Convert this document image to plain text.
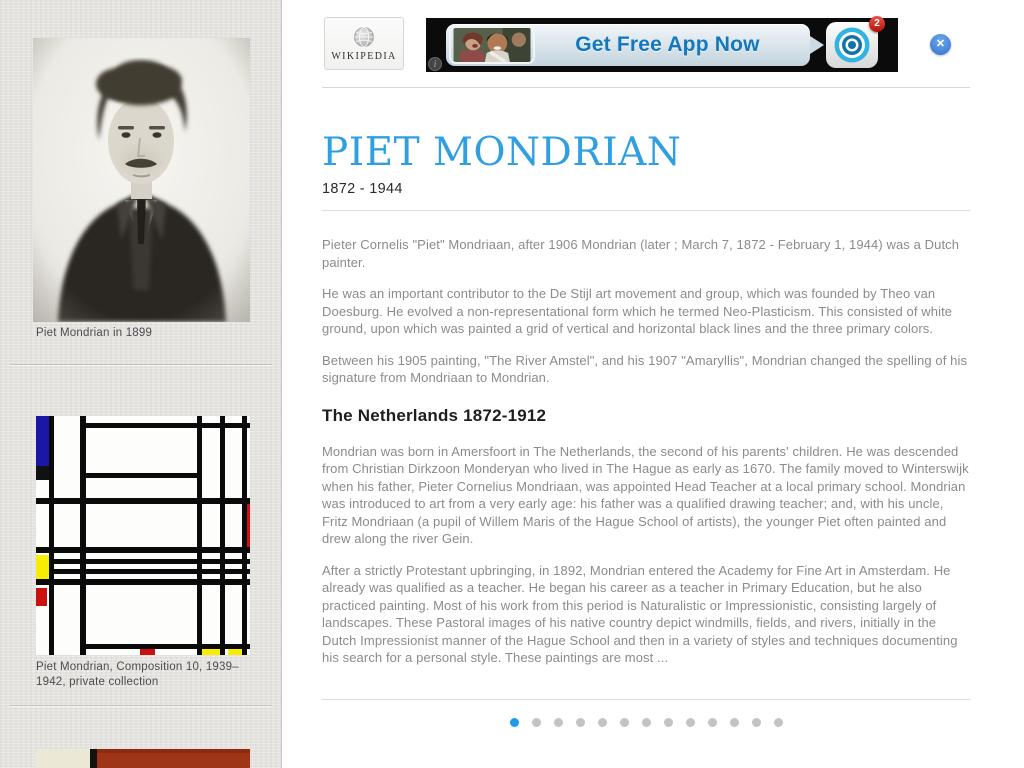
Piet Mondrian in 1899
Piet Mondrian, Composition 10, 1939–1942, private collection
WIKIPEDIA	Get Free App Now
2
i
✕
PIET MONDRIAN
1872 - 1944

Pieter Cornelis "Piet" Mondriaan, after 1906 Mondrian (later ; March 7, 1872 - February 1, 1944) was a Dutch painter.

He was an important contributor to the De Stijl art movement and group, which was founded by Theo van Doesburg. He evolved a non-representational form which he termed Neo-Plasticism. This consisted of white ground, upon which was painted a grid of vertical and horizontal black lines and the three primary colors.

Between his 1905 painting, "The River Amstel", and his 1907 "Amaryllis", Mondrian changed the spelling of his signature from Mondriaan to Mondrian.

The Netherlands 1872-1912

Mondrian was born in Amersfoort in The Netherlands, the second of his parents' children. He was descended from Christian Dirkzoon Monderyan who lived in The Hague as early as 1670. The family moved to Winterswijk when his father, Pieter Cornelius Mondriaan, was appointed Head Teacher at a local primary school. Mondrian was introduced to art from a very early age: his father was a qualified drawing teacher; and, with his uncle, Fritz Mondriaan (a pupil of Willem Maris of the Hague School of artists), the younger Piet often painted and drew along the river Gein.

After a strictly Protestant upbringing, in 1892, Mondrian entered the Academy for Fine Art in Amsterdam. He already was qualified as a teacher. He began his career as a teacher in Primary Education, but he also practiced painting. Most of his work from this period is Naturalistic or Impressionistic, consisting largely of landscapes. These Pastoral images of his native country depict windmills, fields, and rivers, initially in the Dutch Impressionist manner of the Hague School and then in a variety of styles and techniques documenting his search for a personal style. These paintings are most ...
